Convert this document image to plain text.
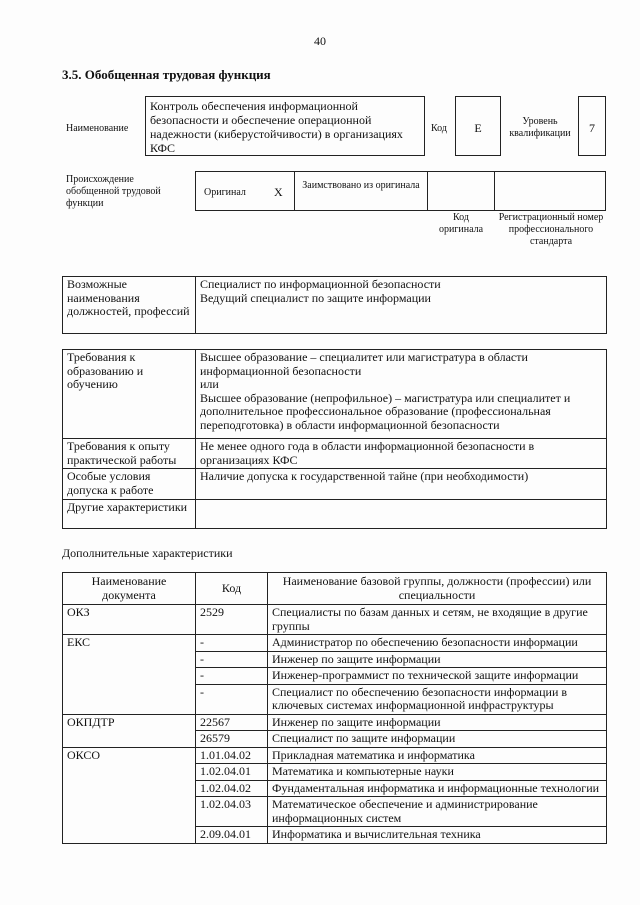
40
3.5. Обобщенная трудовая функция
Наименование
Контроль обеспечения информационной безопасности и обеспечение операционной надежности (киберустойчивости) в организациях КФС
Код	E	Уровень квалификации	7
Происхождение обобщенной трудовой функции
Оригинал X	Заимствовано из оригинала
Код оригинала
Регистрационный номер профессионального стандарта
Возможные наименования должностей, профессий	
Специалист по информационной безопасности
Ведущий специалист по защите информации
Требования к образованию и обучению	Высшее образование – специалитет или магистратура в области информационной безопасности
или
Высшее образование (непрофильное) – магистратура или специалитет и дополнительное профессиональное образование (профессиональная переподготовка) в области информационной безопасности

Требования к опыту практической работы	Не менее одного года в области информационной безопасности в организациях КФС
Особые условия допуска к работе	Наличие допуска к государственной тайне (при необходимости)
Другие характеристики	
Дополнительные характеристики
Наименование документа	Код	Наименование базовой группы, должности (профессии) или специальности
ОКЗ	2529	Специалисты по базам данных и сетям, не входящие в другие группы
ЕКС	-	Администратор по обеспечению безопасности информации
	-	Инженер по защите информации
	-	Инженер-программист по технической защите информации
	-	Специалист по обеспечению безопасности информации в ключевых системах информационной инфраструктуры
ОКПДТР	22567	Инженер по защите информации
	26579	Специалист по защите информации
ОКСО	1.01.04.02	Прикладная математика и информатика
	1.02.04.01	Математика и компьютерные науки
	1.02.04.02	Фундаментальная информатика и информационные технологии
	1.02.04.03	Математическое обеспечение и администрирование информационных систем
	2.09.04.01	Информатика и вычислительная техника
